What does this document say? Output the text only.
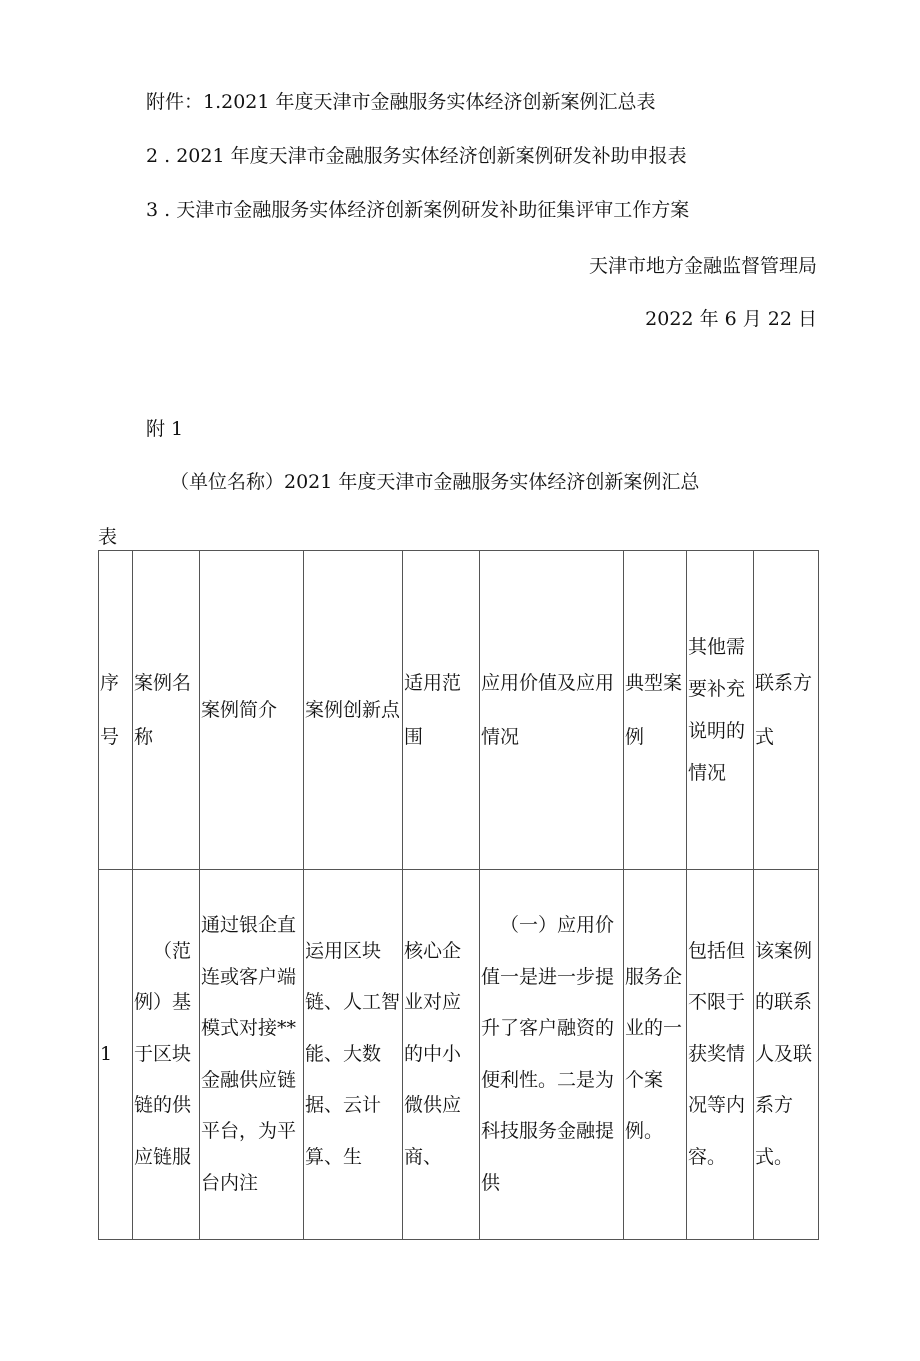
附件：1.2021 年度天津市金融服务实体经济创新案例汇总表
2 . 2021 年度天津市金融服务实体经济创新案例研发补助申报表
3 . 天津市金融服务实体经济创新案例研发补助征集评审工作方案
天津市地方金融监督管理局
2022 年 6 月 22 日
附 1
（单位名称）2021 年度天津市金融服务实体经济创新案例汇总
表
序号	案例名称	案例简介	案例创新点	适用范围	应用价值及应用情况	典型案例	其他需要补充说明的情况	联系方式

1	（范例）基于区块链的供应链服	通过银企直连或客户端模式对接**金融供应链平台，为平台内注	运用区块链、人工智能、大数据、云计算、生	核心企业对应的中小微供应商、	（一）应用价值一是进一步提升了客户融资的便利性。二是为科技服务金融提供	服务企业的一个案例。	包括但不限于获奖情况等内容。	该案例的联系人及联系方式。
